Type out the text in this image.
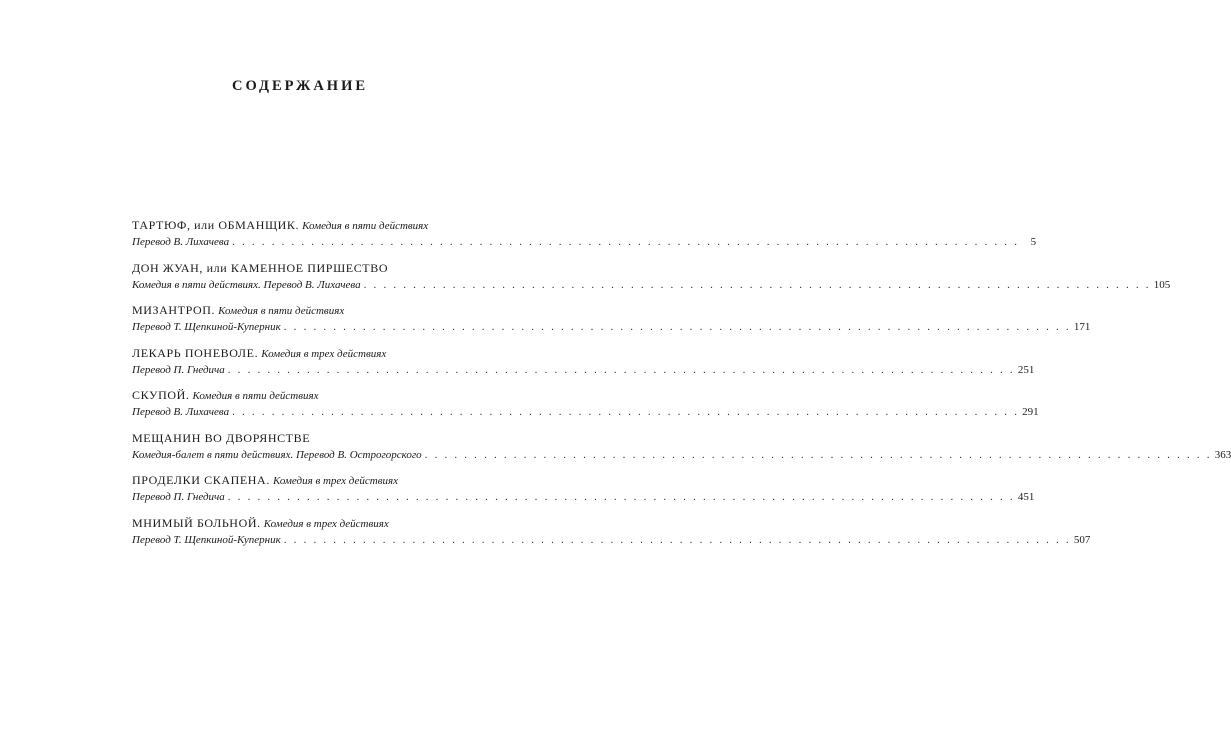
СОДЕРЖАНИЕ
ТАРТЮФ, или ОБМАНЩИК. Комедия в пяти действиях
Перевод В. Лихачева . . . . . . . . . . . . . . . . . . . . . . . . . . . . . . . . . . . . . . . . . . . . . . . . . . . . . . . . . . . . . . . . . . . . . . . . . . . . . . . .	5
ДОН ЖУАН, или КАМЕННОЕ ПИРШЕСТВО
Комедия в пяти действиях. Перевод В. Лихачева . . . . . . . . . . . . . . . . . . . . . . . . . . . . . . . . . . . . . . . . . . . . . . . . . . . . . . . . . . . . . . . . . . . . . . . . . . . . . . . . 105
МИЗАНТРОП. Комедия в пяти действиях
Перевод Т. Щепкиной-Куперник . . . . . . . . . . . . . . . . . . . . . . . . . . . . . . . . . . . . . . . . . . . . . . . . . . . . . . . . . . . . . . . . . . . . . . . . . . . . . . . . 171
ЛЕКАРЬ ПОНЕВОЛЕ. Комедия в трех действиях
Перевод П. Гнедича . . . . . . . . . . . . . . . . . . . . . . . . . . . . . . . . . . . . . . . . . . . . . . . . . . . . . . . . . . . . . . . . . . . . . . . . . . . . . . . . 251
СКУПОЙ. Комедия в пяти действиях
Перевод В. Лихачева . . . . . . . . . . . . . . . . . . . . . . . . . . . . . . . . . . . . . . . . . . . . . . . . . . . . . . . . . . . . . . . . . . . . . . . . . . . . . . . . 291
МЕЩАНИН ВО ДВОРЯНСТВЕ
Комедия-балет в пяти действиях. Перевод В. Острогорского . . . . . . . . . . . . . . . . . . . . . . . . . . . . . . . . . . . . . . . . . . . . . . . . . . . . . . . . . . . . . . . . . . . . . . . . . . . . . . . . 363
ПРОДЕЛКИ СКАПЕНА. Комедия в трех действиях
Перевод П. Гнедича . . . . . . . . . . . . . . . . . . . . . . . . . . . . . . . . . . . . . . . . . . . . . . . . . . . . . . . . . . . . . . . . . . . . . . . . . . . . . . . . 451
МНИМЫЙ БОЛЬНОЙ. Комедия в трех действиях
Перевод Т. Щепкиной-Куперник . . . . . . . . . . . . . . . . . . . . . . . . . . . . . . . . . . . . . . . . . . . . . . . . . . . . . . . . . . . . . . . . . . . . . . . . . . . . . . . . 507
